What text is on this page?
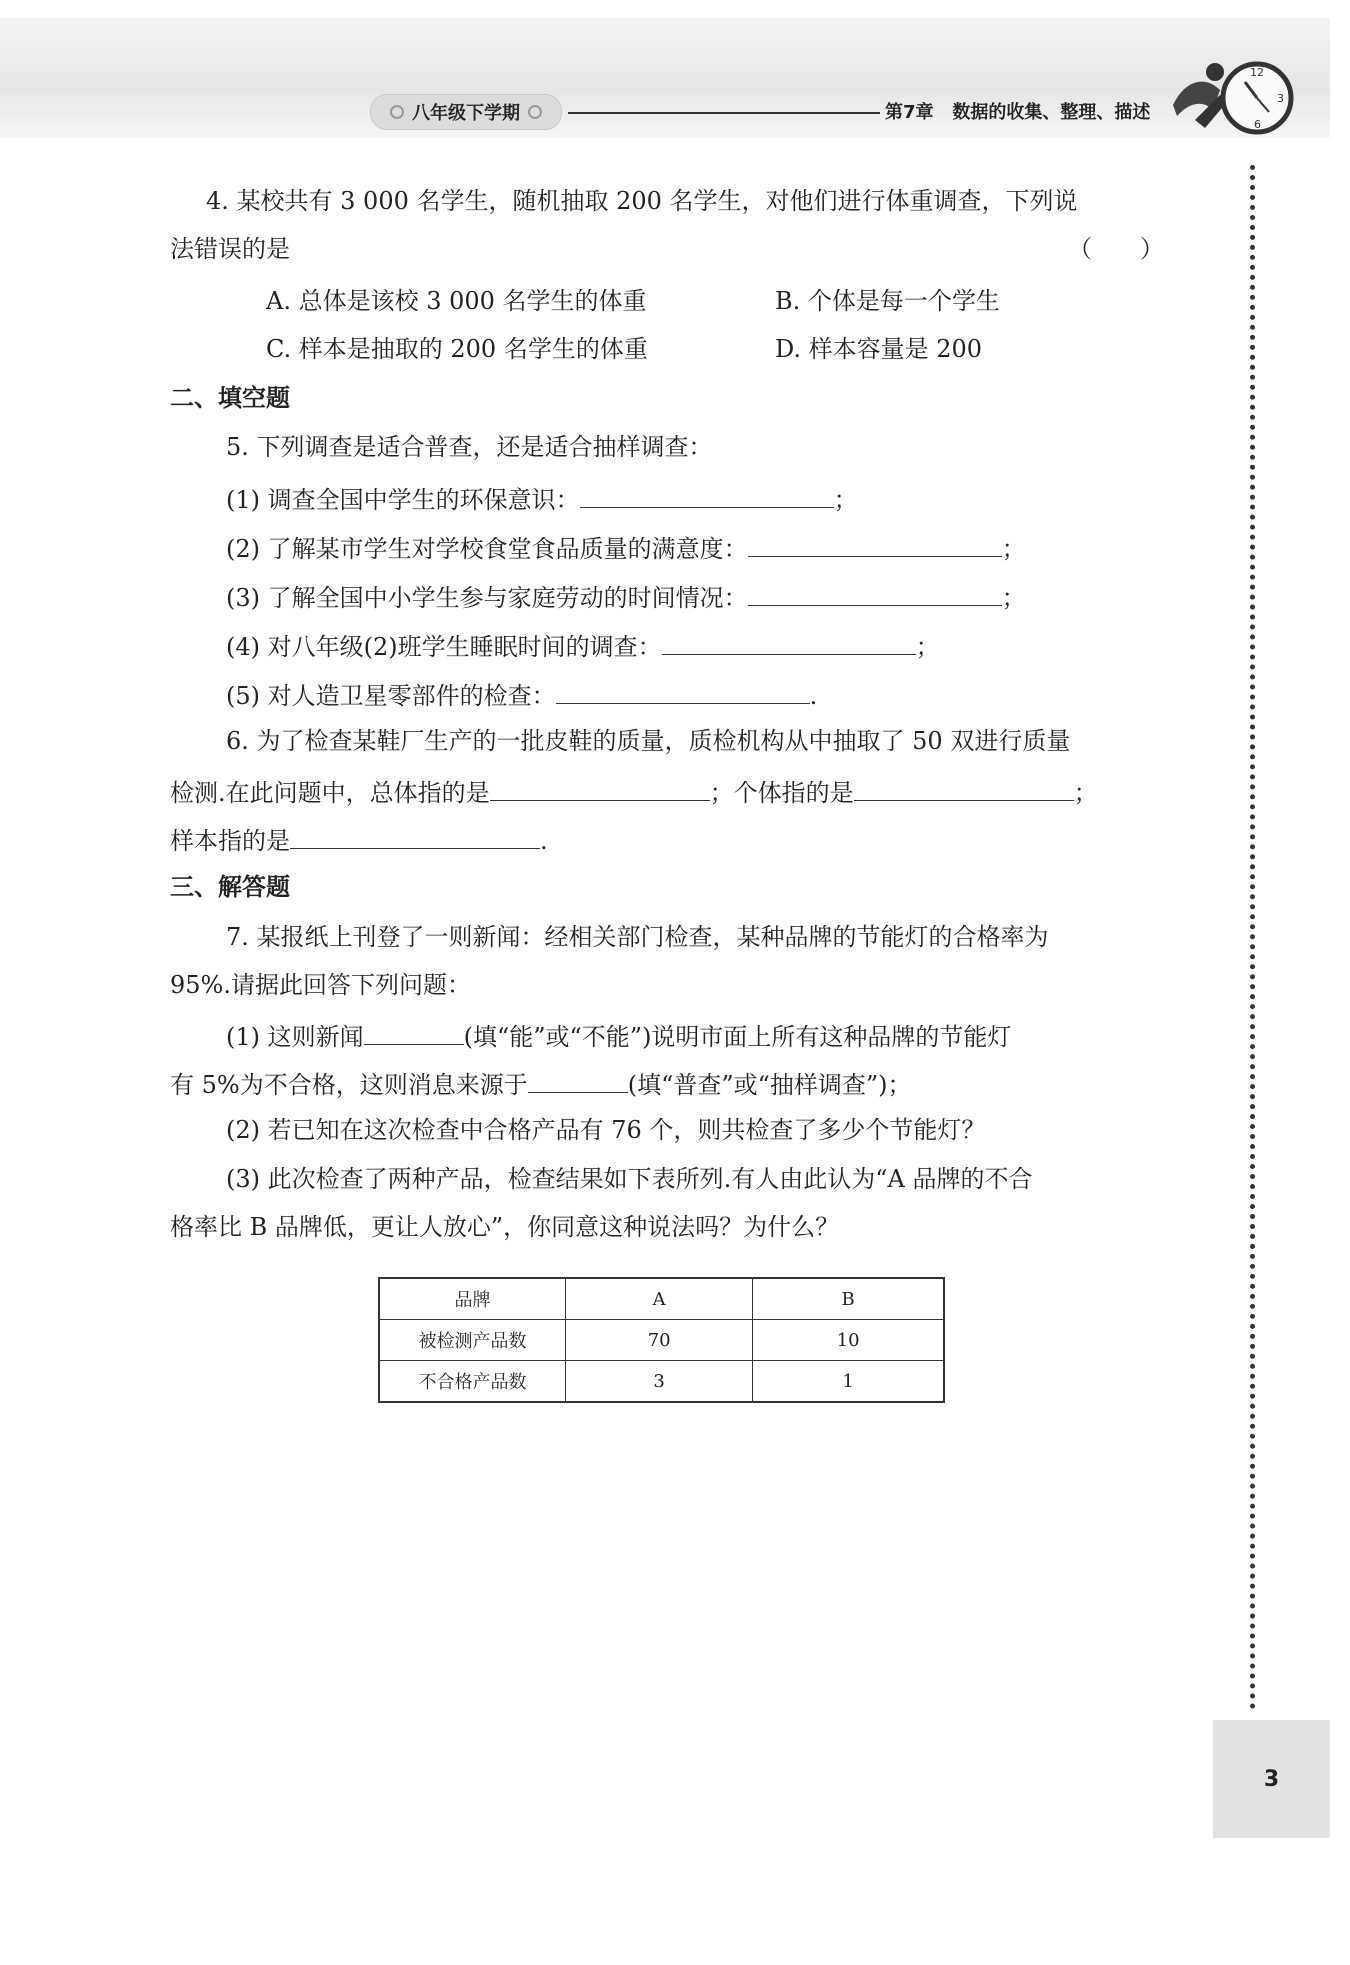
八年级下学期	第7章 数据的收集、整理、描述
12
3
6
3
4. 某校共有 3 000 名学生，随机抽取 200 名学生，对他们进行体重调查，下列说
法错误的是	（　　）
A. 总体是该校 3 000 名学生的体重	B. 个体是每一个学生
C. 样本是抽取的 200 名学生的体重	D. 样本容量是 200
二、填空题
5. 下列调查是适合普查，还是适合抽样调查：
(1) 调查全国中学生的环保意识：	；
(2) 了解某市学生对学校食堂食品质量的满意度：	；
(3) 了解全国中小学生参与家庭劳动的时间情况：	；
(4) 对八年级(2)班学生睡眠时间的调查：	；
(5) 对人造卫星零部件的检查：	.
6. 为了检查某鞋厂生产的一批皮鞋的质量，质检机构从中抽取了 50 双进行质量
检测.在此问题中，总体指的是	；个体指的是	；
样本指的是	.
三、解答题
7. 某报纸上刊登了一则新闻：经相关部门检查，某种品牌的节能灯的合格率为
95%.请据此回答下列问题：
(1) 这则新闻	(填“能”或“不能”)说明市面上所有这种品牌的节能灯
有 5%为不合格，这则消息来源于	(填“普查”或“抽样调查”)；
(2) 若已知在这次检查中合格产品有 76 个，则共检查了多少个节能灯？
(3) 此次检查了两种产品，检查结果如下表所列.有人由此认为“A 品牌的不合
格率比 B 品牌低，更让人放心”，你同意这种说法吗？为什么？
品牌	A	B
被检测产品数	70	10
不合格产品数	3	1
